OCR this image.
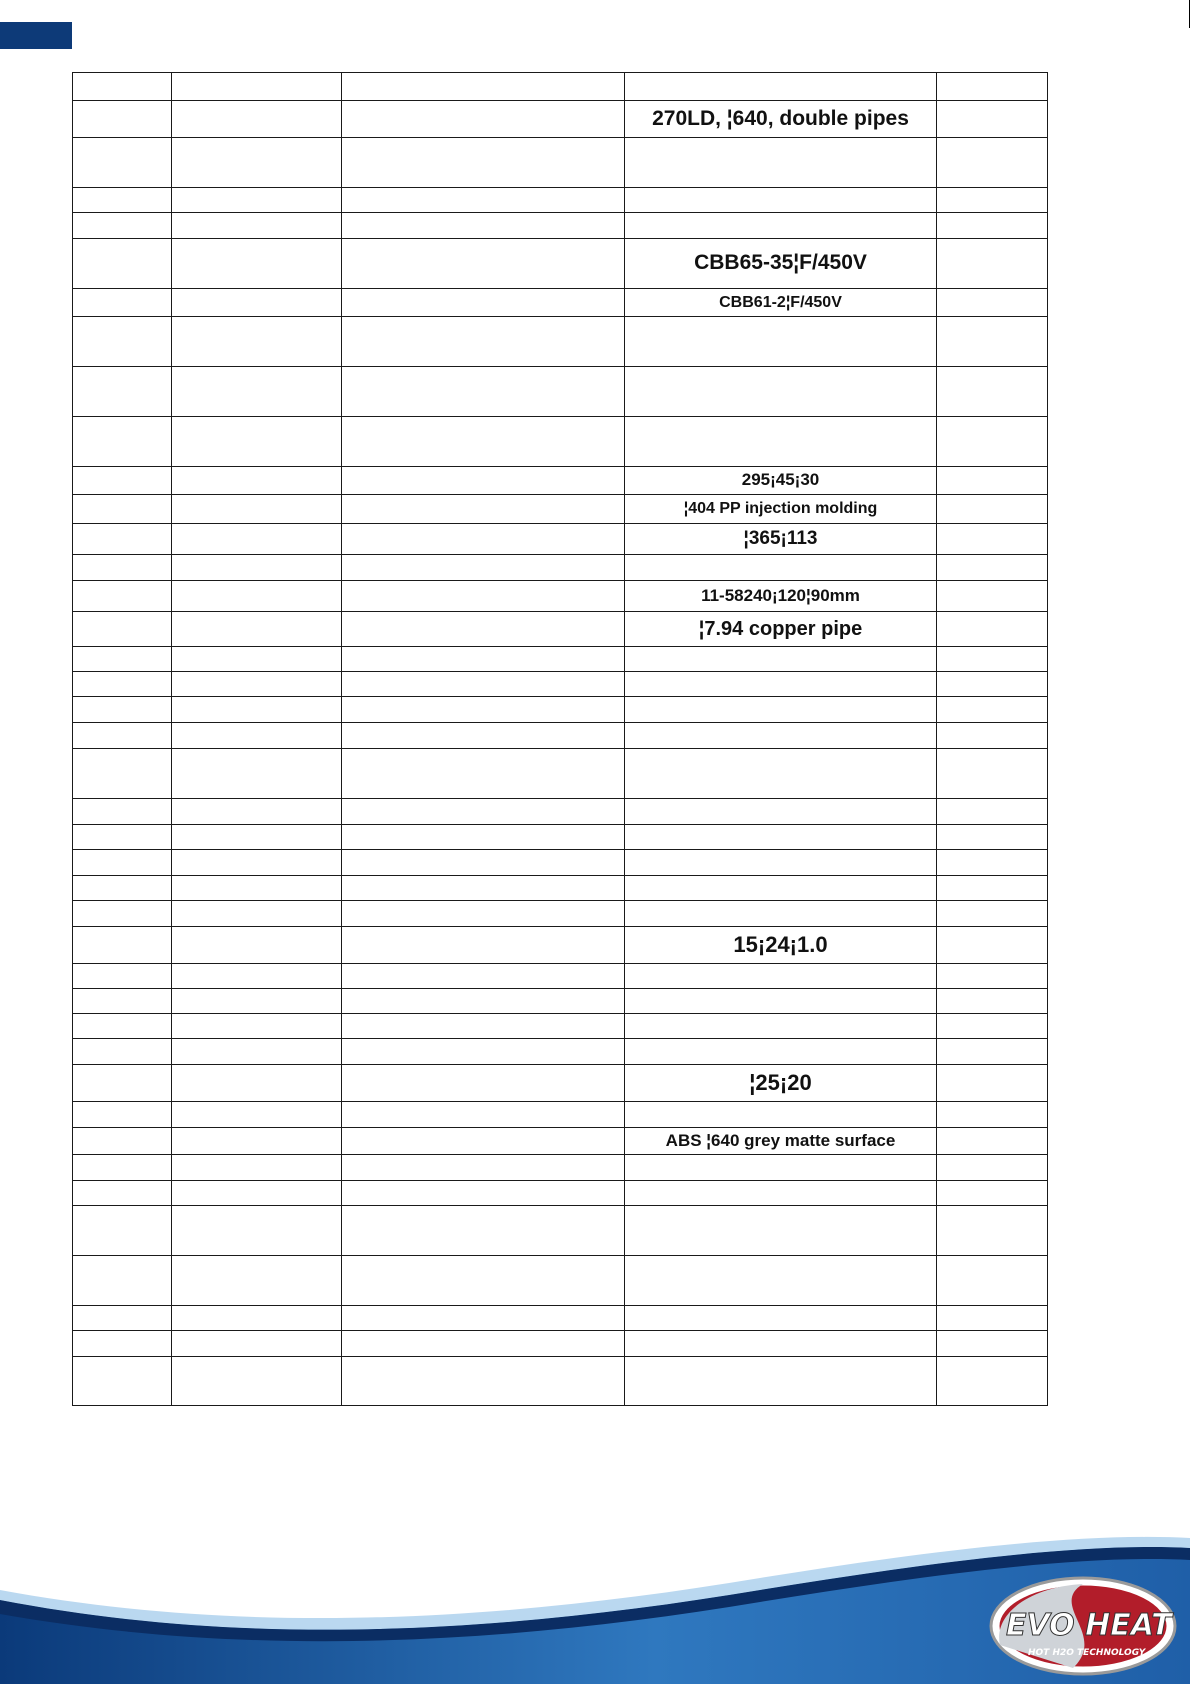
			270LD, ¦640, double pipes	

			CBB65-35¦F/450V	
			CBB61-2¦F/450V	

			295¡45¡30	
			¦404 PP injection molding	
			¦365¡113	

			11-58240¡120¦90mm	
			¦7.94 copper pipe	

			15¡24¡1.0	

			¦25¡20	

			ABS ¦640 grey matte surface	

EVO HEAT
HOT H2O TECHNOLOGY
